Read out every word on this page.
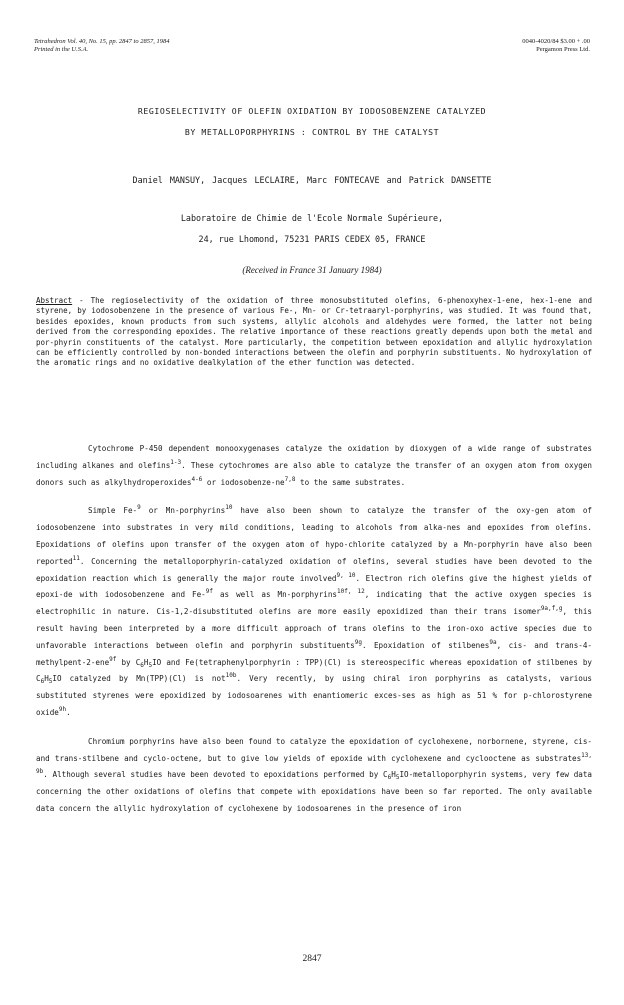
Tetrahedron Vol. 40, No. 15, pp. 2847 to 2857, 1984
Printed in the U.S.A.
0040-4020/84 $3.00 + .00
Pergamon Press Ltd.
REGIOSELECTIVITY OF OLEFIN OXIDATION BY IODOSOBENZENE CATALYZED
BY METALLOPORPHYRINS : CONTROL BY THE CATALYST
Daniel MANSUY, Jacques LECLAIRE, Marc FONTECAVE and Patrick DANSETTE
Laboratoire de Chimie de l'Ecole Normale Supérieure,
24, rue Lhomond, 75231 PARIS CEDEX 05, FRANCE
(Received in France 31 January 1984)
Abstract - The regioselectivity of the oxidation of three monosubstituted olefins, 6-phenoxyhex-1-ene, hex-1-ene and styrene, by iodosobenzene in the presence of various Fe-, Mn- or Cr-tetraaryl-porphyrins, was studied. It was found that, besides epoxides, known products from such systems, allylic alcohols and aldehydes were formed, the latter not being derived from the corresponding epoxides. The relative importance of these reactions greatly depends upon both the metal and por-phyrin constituents of the catalyst. More particularly, the competition between epoxidation and allylic hydroxylation can be efficiently controlled by non-bonded interactions between the olefin and porphyrin substituents. No hydroxylation of the aromatic rings and no oxidative dealkylation of the ether function was detected.

Cytochrome P-450 dependent monooxygenases catalyze the oxidation by dioxygen of a wide range of substrates including alkanes and olefins$^{1-3}$. These cytochromes are also able to catalyze the transfer of an oxygen atom from oxygen donors such as alkylhydroperoxides$^{4-6}$ or iodosobenze-ne$^{7,8}$ to the same substrates.

Simple Fe-$^9$ or Mn-porphyrins$^{10}$ have also been shown to catalyze the transfer of the oxy-gen atom of iodosobenzene into substrates in very mild conditions, leading to alcohols from alka-nes and epoxides from olefins. Epoxidations of olefins upon transfer of the oxygen atom of hypo-chlorite catalyzed by a Mn-porphyrin have also been reported$^{11}$. Concerning the metalloporphyrin-catalyzed oxidation of olefins, several studies have been devoted to the epoxidation reaction which is generally the major route involved$^{9, 10}$. Electron rich olefins give the highest yields of epoxi-de with iodosobenzene and Fe-$^{9f}$ as well as Mn-porphyrins$^{10f, 12}$, indicating that the active oxygen species is electrophilic in nature. Cis-1,2-disubstituted olefins are more easily epoxidized than their trans isomer$^{9a,f,g}$, this result having been interpreted by a more difficult approach of trans olefins to the iron-oxo active species due to unfavorable interactions between olefin and porphyrin substituents$^{9g}$. Epoxidation of stilbenes$^{9a}$, cis- and trans-4-methylpent-2-ene$^{9f}$ by $C_6H_5IO$ and Fe(tetraphenylporphyrin : TPP)(Cl) is stereospecific whereas epoxidation of stilbenes by $C_6H_5IO$ catalyzed by Mn(TPP)(Cl) is not$^{10b}$. Very recently, by using chiral iron porphyrins as catalysts, various substituted styrenes were epoxidized by iodosoarenes with enantiomeric exces-ses as high as 51 % for p-chlorostyrene oxide$^{9h}$.

Chromium porphyrins have also been found to catalyze the epoxidation of cyclohexene, norbornene, styrene, cis- and trans-stilbene and cyclo-octene, but to give low yields of epoxide with cyclohexene and cyclooctene as substrates$^{13, 9b}$. Although several studies have been devoted to epoxidations performed by $C_6H_5IO$-metalloporphyrin systems, very few data concerning the other oxidations of olefins that compete with epoxidations have been so far reported. The only available data concern the allylic hydroxylation of cyclohexene by iodosoarenes in the presence of iron

2847
